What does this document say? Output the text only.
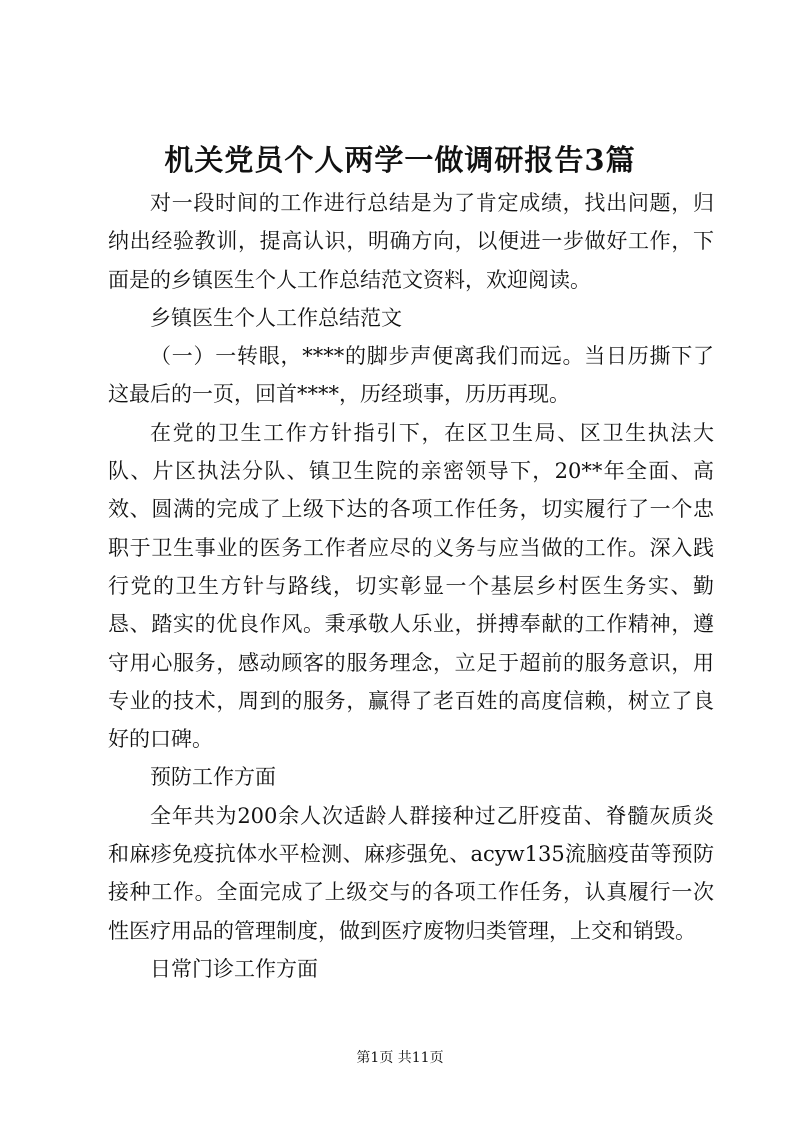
机关党员个人两学一做调研报告3篇

对一段时间的工作进行总结是为了肯定成绩，找出问题，归纳出经验教训，提高认识，明确方向，以便进一步做好工作，下面是的乡镇医生个人工作总结范文资料，欢迎阅读。

乡镇医生个人工作总结范文

（一）一转眼，****的脚步声便离我们而远。当日历撕下了这最后的一页，回首****，历经琐事，历历再现。

在党的卫生工作方针指引下，在区卫生局、区卫生执法大队、片区执法分队、镇卫生院的亲密领导下，20**年全面、高效、圆满的完成了上级下达的各项工作任务，切实履行了一个忠职于卫生事业的医务工作者应尽的义务与应当做的工作。深入践行党的卫生方针与路线，切实彰显一个基层乡村医生务实、勤恳、踏实的优良作风。秉承敬人乐业，拼搏奉献的工作精神，遵守用心服务，感动顾客的服务理念，立足于超前的服务意识，用专业的技术，周到的服务，赢得了老百姓的高度信赖，树立了良好的口碑。

预防工作方面

全年共为200余人次适龄人群接种过乙肝疫苗、脊髓灰质炎和麻疹免疫抗体水平检测、麻疹强免、acyw135流脑疫苗等预防接种工作。全面完成了上级交与的各项工作任务，认真履行一次性医疗用品的管理制度，做到医疗废物归类管理，上交和销毁。

日常门诊工作方面

第1页 共11页
